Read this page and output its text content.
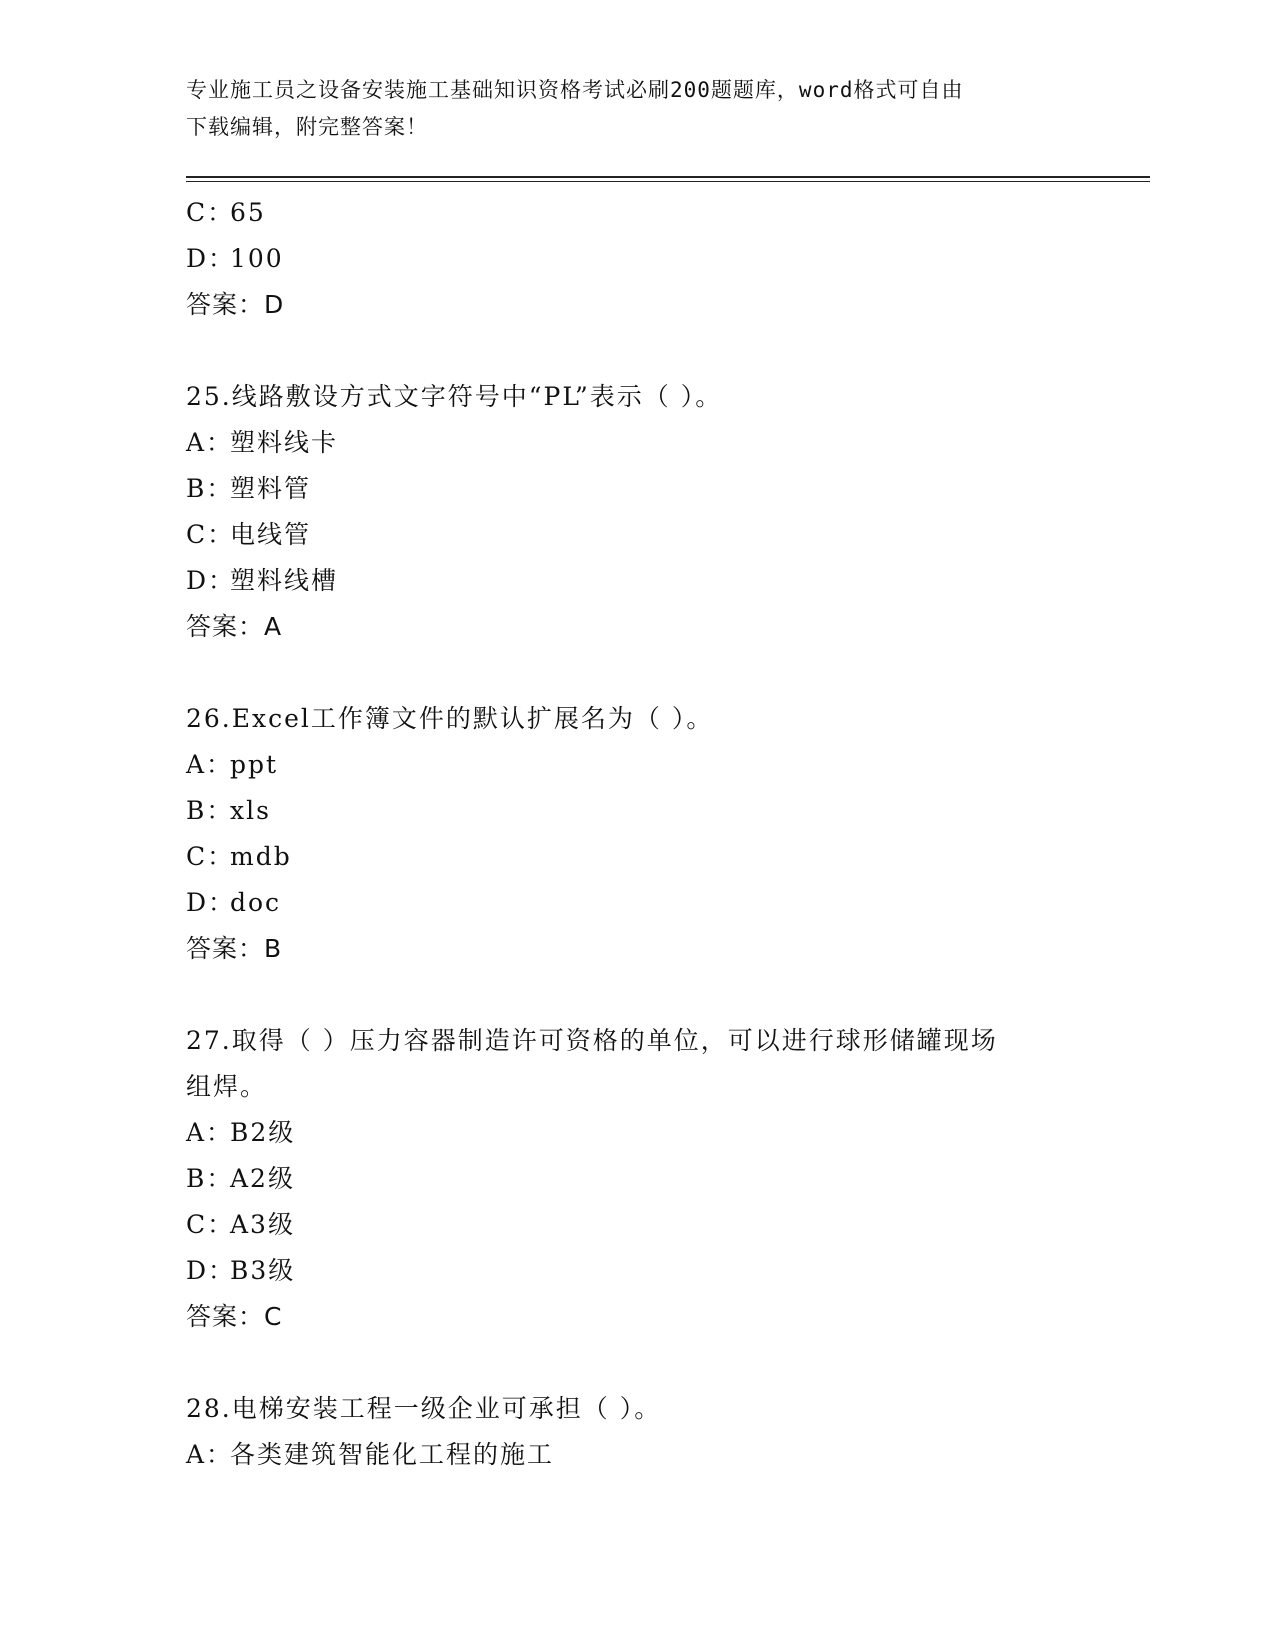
专业施工员之设备安装施工基础知识资格考试必刷200题题库，word格式可自由
下载编辑，附完整答案！
C：65
D：100
答案：D
25.线路敷设方式文字符号中“PL”表示（ ）。
A：塑料线卡
B：塑料管
C：电线管
D：塑料线槽
答案：A
26.Excel工作簿文件的默认扩展名为（ ）。
A：ppt
B：xls
C：mdb
D：doc
答案：B
27.取得（ ）压力容器制造许可资格的单位，可以进行球形储罐现场
组焊。
A：B2级
B：A2级
C：A3级
D：B3级
答案：C
28.电梯安装工程一级企业可承担（ ）。
A：各类建筑智能化工程的施工
